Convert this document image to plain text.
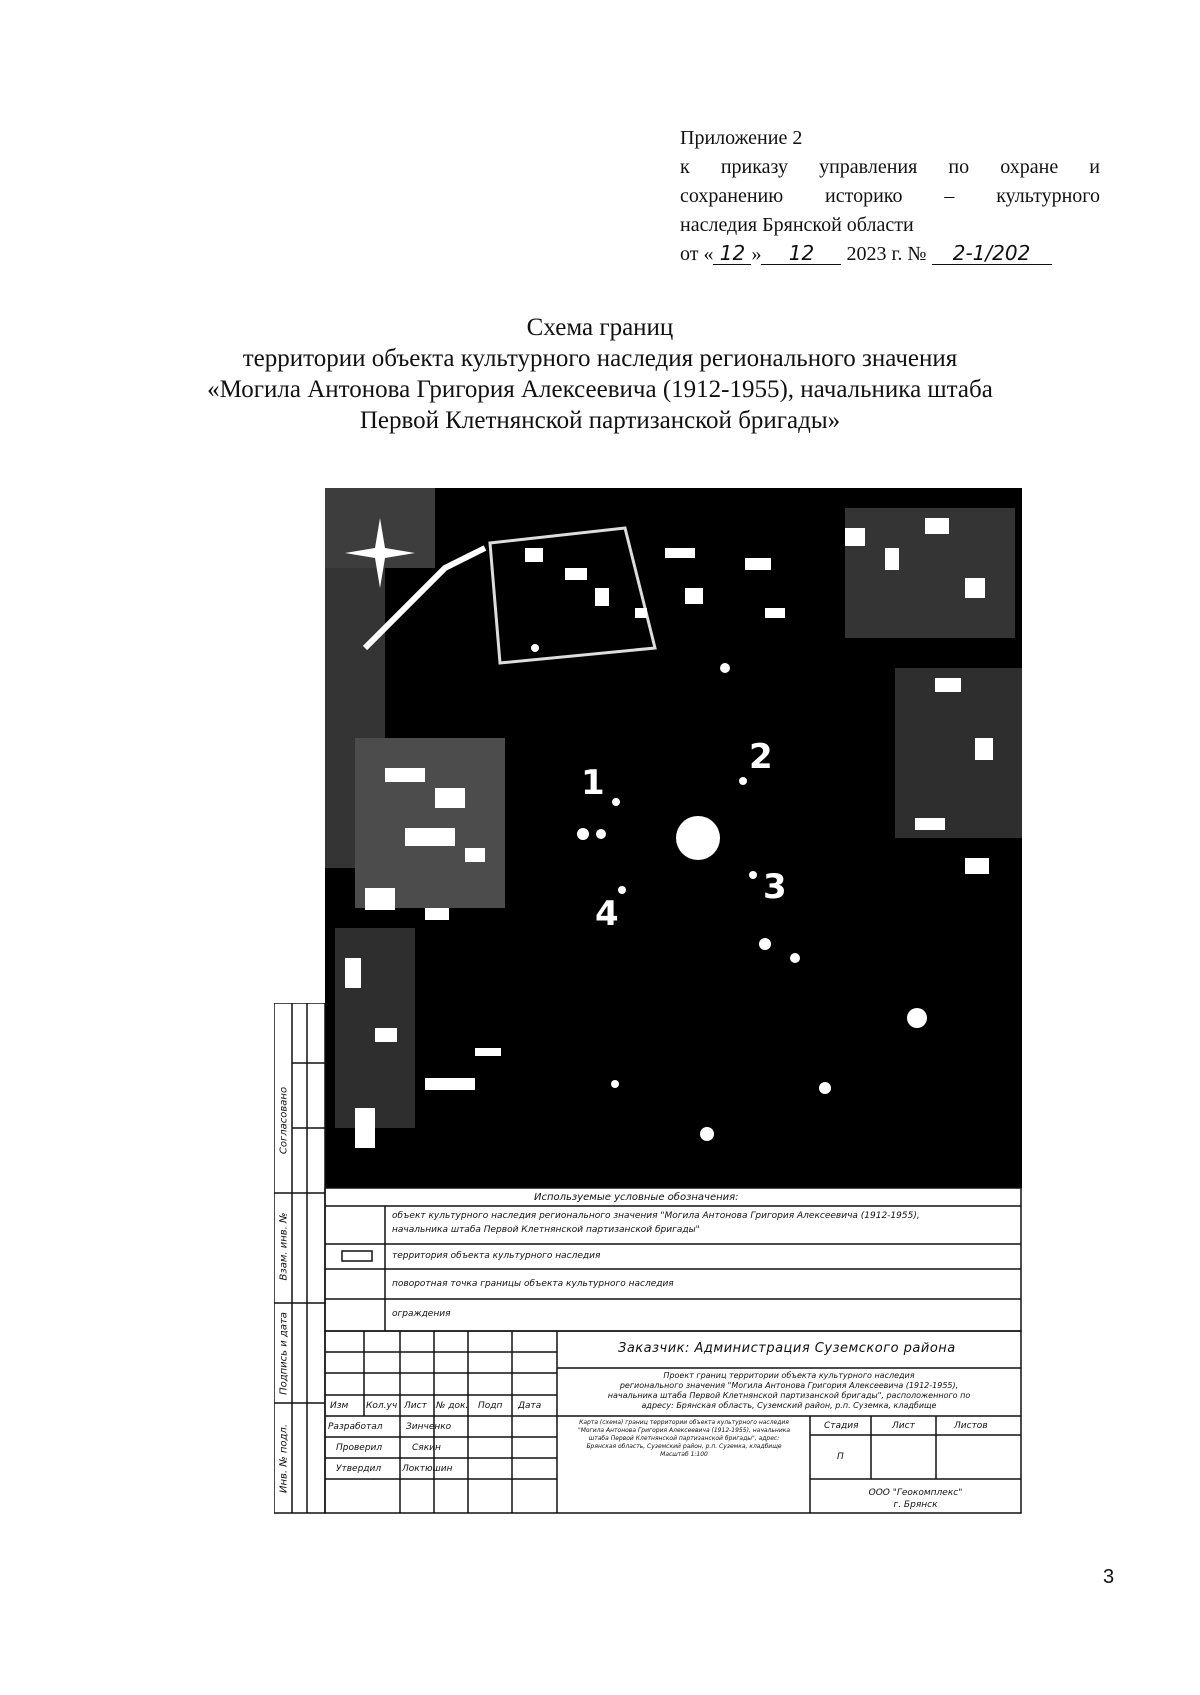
Приложение 2
к приказу управления по охране и
сохранению историко – культурного
наследия Брянской области
от « 12 » 12 2023 г. № 2-1/202
Схема границ
территории объекта культурного наследия регионального значения
«Могила Антонова Григория Алексеевича (1912-1955), начальника штаба
Первой Клетнянской партизанской бригады»
1
2
3
4
Согласовано
Взам. инв. №
Подпись и дата
Инв. № подл.
Используемые условные обозначения:
объект культурного наследия регионального значения "Могила Антонова Григория Алексеевича (1912-1955),
начальника штаба Первой Клетнянской партизанской бригады"
территория объекта культурного наследия
поворотная точка границы объекта культурного наследия
ограждения
Заказчик: Администрация Суземского района
Проект границ территории объекта культурного наследия
регионального значения "Могила Антонова Григория Алексеевича (1912-1955),
начальника штаба Первой Клетнянской партизанской бригады", расположенного по
адресу: Брянская область, Суземский район, р.п. Суземка, кладбище
Изм Кол.уч Лист № док. Подп Дата
Разработал	Зинченко
Проверил	Сякин
Утвердил Локтюшин
Карта (схема) границ территории объекта культурного наследия
"Могила Антонова Григория Алексеевича (1912-1955), начальника
штаба Первой Клетнянской партизанской бригады", адрес:
Брянская область, Суземский район, р.п. Суземка, кладбище
Масштаб 1:100
Стадия	Лист	Листов
П
ООО "Геокомплекс"
г. Брянск
3
